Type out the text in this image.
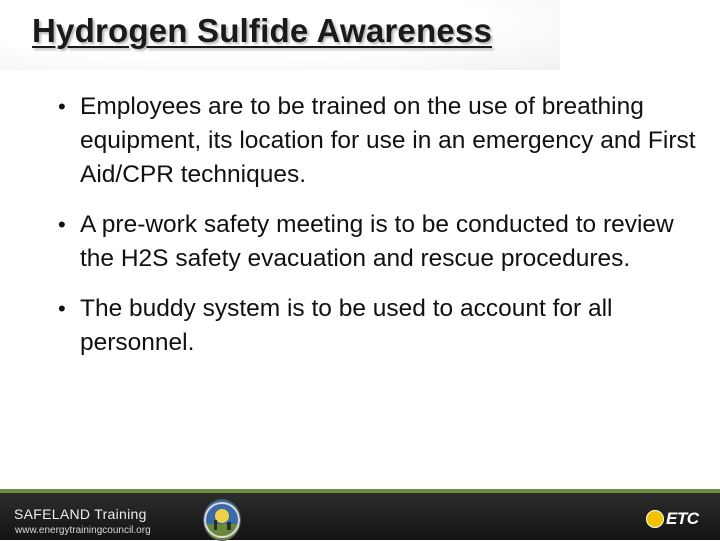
Hydrogen Sulfide Awareness
• Employees are to be trained on the use of breathing equipment, its location for use in an emergency and First Aid/CPR techniques.
• A pre-work safety meeting is to be conducted to review the H2S safety evacuation and rescue procedures.
• The buddy system is to be used to account for all personnel.
SAFELAND Training
www.energytrainingcouncil.org
ETC
